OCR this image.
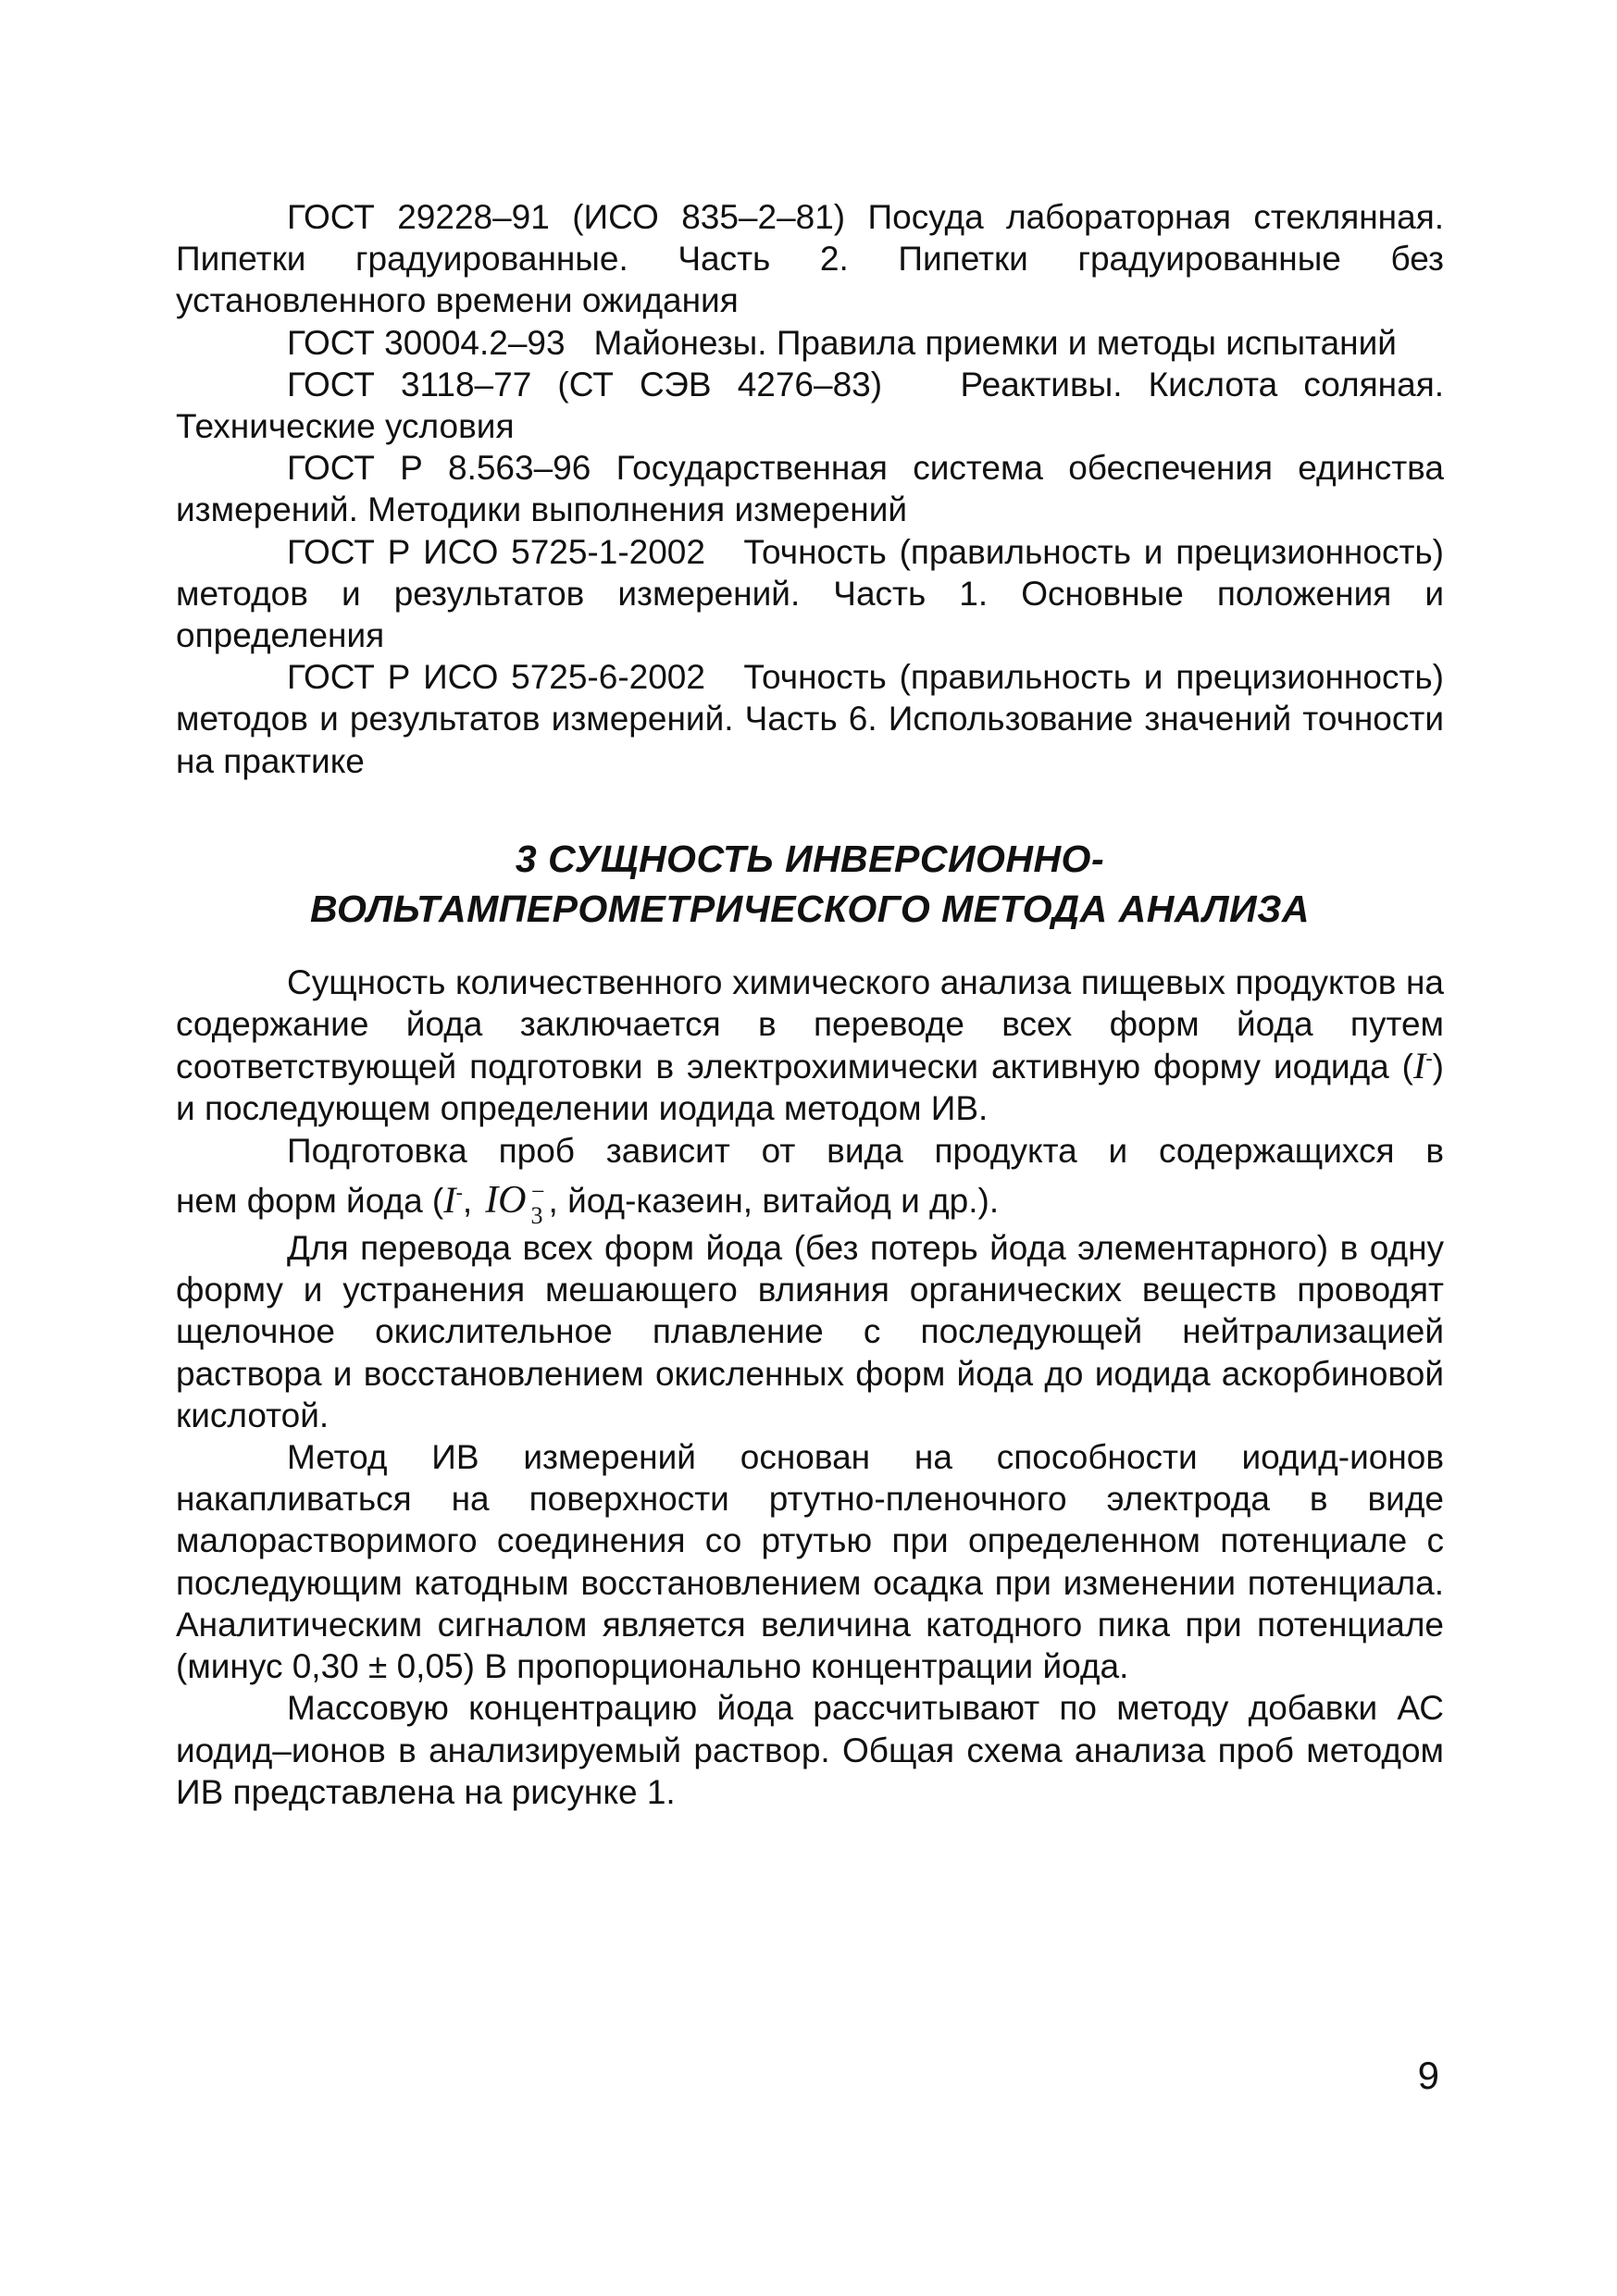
ГОСТ 29228–91 (ИСО 835–2–81) Посуда лабораторная стеклянная. Пипетки градуированные. Часть 2. Пипетки градуированные без установленного времени ожидания

ГОСТ 30004.2–93 Майонезы. Правила приемки и методы испытаний

ГОСТ 3118–77 (СТ СЭВ 4276–83) Реактивы. Кислота соляная. Технические условия

ГОСТ Р 8.563–96 Государственная система обеспечения единства измерений. Методики выполнения измерений

ГОСТ Р ИСО 5725-1-2002 Точность (правильность и прецизионность) методов и результатов измерений. Часть 1. Основные положения и определения

ГОСТ Р ИСО 5725-6-2002 Точность (правильность и прецизионность) методов и результатов измерений. Часть 6. Использование значений точности на практике

3 СУЩНОСТЬ ИНВЕРСИОННО-
ВОЛЬТАМПЕРОМЕТРИЧЕСКОГО МЕТОДА АНАЛИЗА

Сущность количественного химического анализа пищевых продуктов на содержание йода заключается в переводе всех форм йода путем соответствующей подготовки в электрохимически активную форму иодида (I-) и последующем определении иодида методом ИВ.

Подготовка проб зависит от вида продукта и содержащихся в

нем форм йода (I-, IO −
3 , йод-казеин, витайод и др.).

Для перевода всех форм йода (без потерь йода элементарного) в одну форму и устранения мешающего влияния органических веществ проводят щелочное окислительное плавление с последующей нейтрализацией раствора и восстановлением окисленных форм йода до иодида аскорбиновой кислотой.

Метод ИВ измерений основан на способности иодид-ионов накапливаться на поверхности ртутно-пленочного электрода в виде малорастворимого соединения со ртутью при определенном потенциале с последующим катодным восстановлением осадка при изменении потенциала. Аналитическим сигналом является величина катодного пика при потенциале (минус 0,30 ± 0,05) В пропорционально концентрации йода.

Массовую концентрацию йода рассчитывают по методу добавки АС иодид–ионов в анализируемый раствор. Общая схема анализа проб методом ИВ представлена на рисунке 1.

9
